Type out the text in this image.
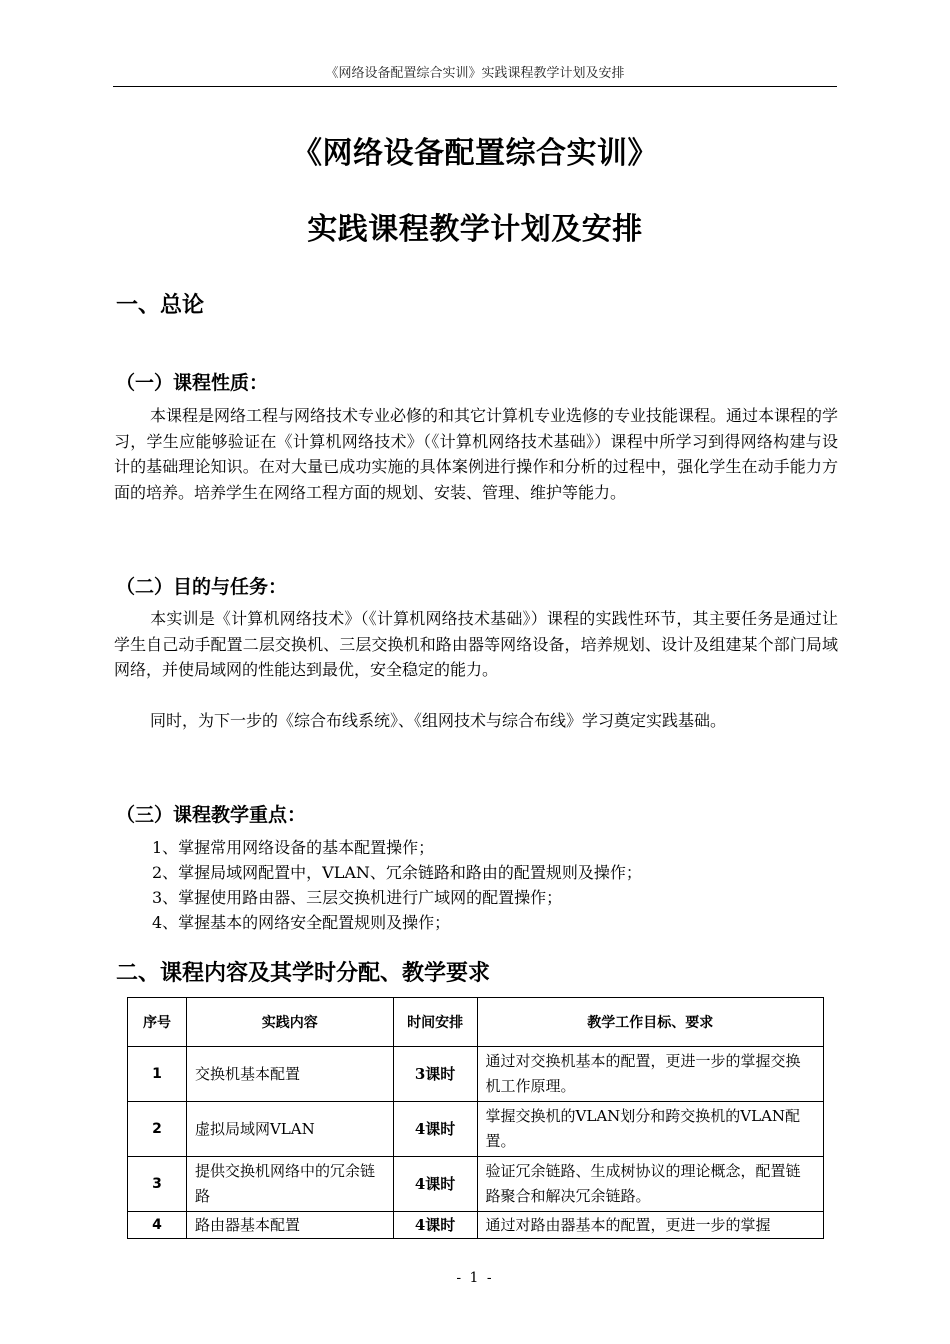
《网络设备配置综合实训》实践课程教学计划及安排
《网络设备配置综合实训》
实践课程教学计划及安排
一、总论
（一）课程性质：
本课程是网络工程与网络技术专业必修的和其它计算机专业选修的专业技能课程。通过本课程的学习，学生应能够验证在《计算机网络技术》（《计算机网络技术基础》）课程中所学习到得网络构建与设计的基础理论知识。在对大量已成功实施的具体案例进行操作和分析的过程中，强化学生在动手能力方面的培养。培养学生在网络工程方面的规划、安装、管理、维护等能力。
（二）目的与任务：
本实训是《计算机网络技术》（《计算机网络技术基础》）课程的实践性环节，其主要任务是通过让学生自己动手配置二层交换机、三层交换机和路由器等网络设备，培养规划、设计及组建某个部门局域网络，并使局域网的性能达到最优，安全稳定的能力。
同时，为下一步的《综合布线系统》、《组网技术与综合布线》学习奠定实践基础。
（三）课程教学重点：
1、掌握常用网络设备的基本配置操作；
2、掌握局域网配置中，VLAN、冗余链路和路由的配置规则及操作；
3、掌握使用路由器、三层交换机进行广域网的配置操作；
4、掌握基本的网络安全配置规则及操作；
二、课程内容及其学时分配、教学要求
序号	实践内容	时间安排	教学工作目标、要求
1	交换机基本配置	3课时	通过对交换机基本的配置，更进一步的掌握交换机工作原理。
2	虚拟局域网VLAN	4课时	掌握交换机的VLAN划分和跨交换机的VLAN配置。
3	提供交换机网络中的冗余链路	4课时	验证冗余链路、生成树协议的理论概念，配置链路聚合和解决冗余链路。
4	路由器基本配置	4课时	通过对路由器基本的配置，更进一步的掌握
- 1 -
